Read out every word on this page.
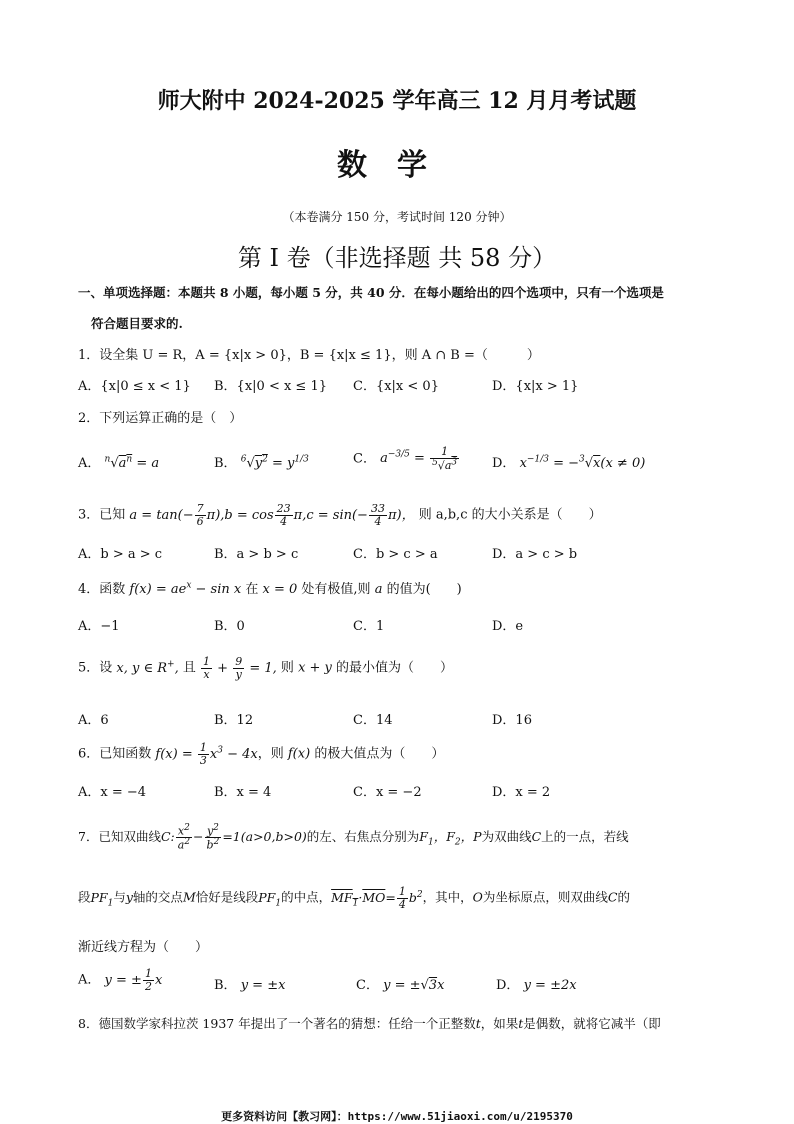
师大附中 2024-2025 学年高三 12 月月考试题
数学
（本卷满分 150 分，考试时间 120 分钟）
第 I 卷（非选择题 共 58 分）
一、单项选择题：本题共 8 小题，每小题 5 分，共 40 分．在每小题给出的四个选项中，只有一个选项是
符合题目要求的.
1．设全集 U = R，A = {x|x > 0}，B = {x|x ≤ 1}，则 A ∩ B =（　　　）
A．{x|0 ≤ x < 1} B．{x|0 < x ≤ 1} C．{x|x < 0}	D．{x|x > 1}
2．下列运算正确的是（　）
A． $^n√a^n = a$	B． $^6√y^2 = y^{1/3}$	C． $a^{-3/5} = \frac{1}{^5√a^3}$	D． $x^{-1/3} = -^3√x(x \ne 0)$
3．已知 $a = \tan(- \frac{7}{6} \pi),b = \cos \frac{23}{4} \pi,c = \sin(- \frac{33}{4} \pi)$， 则 a,b,c 的大小关系是（　　）
A．b > a > c	B．a > b > c	C．b > c > a	D．a > c > b
4．函数 $f(x) = ae^x - \sin x$ 在 x = 0 处有极值,则 a 的值为(　　)
A．−1	B．0	C．1	D．e
5．设 x, y ∈ R+, 且 $\frac{1}{x} + \frac{9}{y} = 1$, 则 x + y 的最小值为（　　）
A．6	B．12	C．14	D．16
6．已知函数 $f(x) = \frac{1}{3} x^3 - 4x$，则 f(x) 的极大值点为（　　）
A．x = −4	B．x = 4	C．x = −2	D．x = 2
7．已知双曲线C: $\frac{x^2}{a^2} - \frac{y^2}{b^2} =1(a>0,b>0)$的左、右焦点分别为$F_1$，$F_2$，P为双曲线C上的一点，若线
段$PF_1$与y轴的交点M恰好是线段$PF_1$的中点，$MF_1\cdot\overline{MO}= \frac{1}{4} b^2$，其中，O为坐标原点，则双曲线C的
渐近线方程为（　　）
A． y = ± $\frac{1}{2}$ x	B． y = ±x	C． y = ±√3x	D． y = ±2x
8．德国数学家科拉茨 1937 年提出了一个著名的猜想：任给一个正整数t，如果t是偶数，就将它减半（即
更多资料访问【教习网】：https://www.51jiaoxi.com/u/2195370
